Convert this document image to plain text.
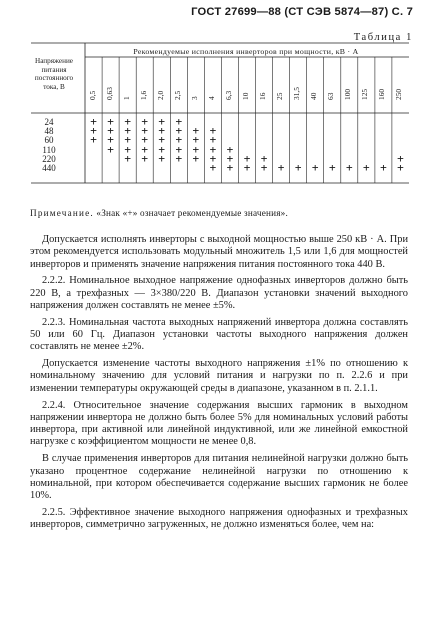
ГОСТ 27699—88 (СТ СЭВ 5874—87) С. 7
Таблица 1
Напряжение питания постоянного тока, В
Рекомендуемые исполнения инверторов при мощности, кВ · А
0,5 0,63 1 1,6 2,0 2,5 3 4 6,3 10 16 25 31,5 40 63 100 125 160 250
24
48
60
110
220
440
+ + + + + +
+ + + + + + + +
+ + + + + + + +
+ + + + + + + +
+ + + + + + + + +	+
+ + + + + + + + + + + +
Примечание. «Знак «+» означает рекомендуемые значения».

Допускается исполнять инверторы с выходной мощностью выше 250 кВ · А. При этом рекомендуется использовать модульный множитель 1,5 или 1,6 для мощностей инверторов и применять значение напряжения питания постоянного тока 440 В.

2.2.2. Номинальное выходное напряжение однофазных инверторов должно быть 220 В, а трехфазных — 3×380/220 В. Диапазон установки значений выходного напряжения должен составлять не менее ±5%.

2.2.3. Номинальная частота выходных напряжений инвертора должна составлять 50 или 60 Гц. Диапазон установки частоты выходного напряжения должен составлять не менее ±2%.

Допускается изменение частоты выходного напряжения ±1% по отношению к номинальному значению для условий питания и нагрузки по п. 2.2.6 и при изменении температуры окружающей среды в диапазоне, указанном в п. 2.1.1.

2.2.4. Относительное значение содержания высших гармоник в выходном напряжении инвертора не должно быть более 5% для номинальных условий работы инвертора, при активной или линейной индуктивной, или же линейной емкостной нагрузке с коэффициентом мощности не менее 0,8.

В случае применения инверторов для питания нелинейной нагрузки должно быть указано процентное содержание нелинейной нагрузки по отношению к номинальной, при котором обеспечивается содержание высших гармоник не более 10%.

2.2.5. Эффективное значение выходного напряжения однофазных и трехфазных инверторов, симметрично загруженных, не должно изменяться более, чем на:
